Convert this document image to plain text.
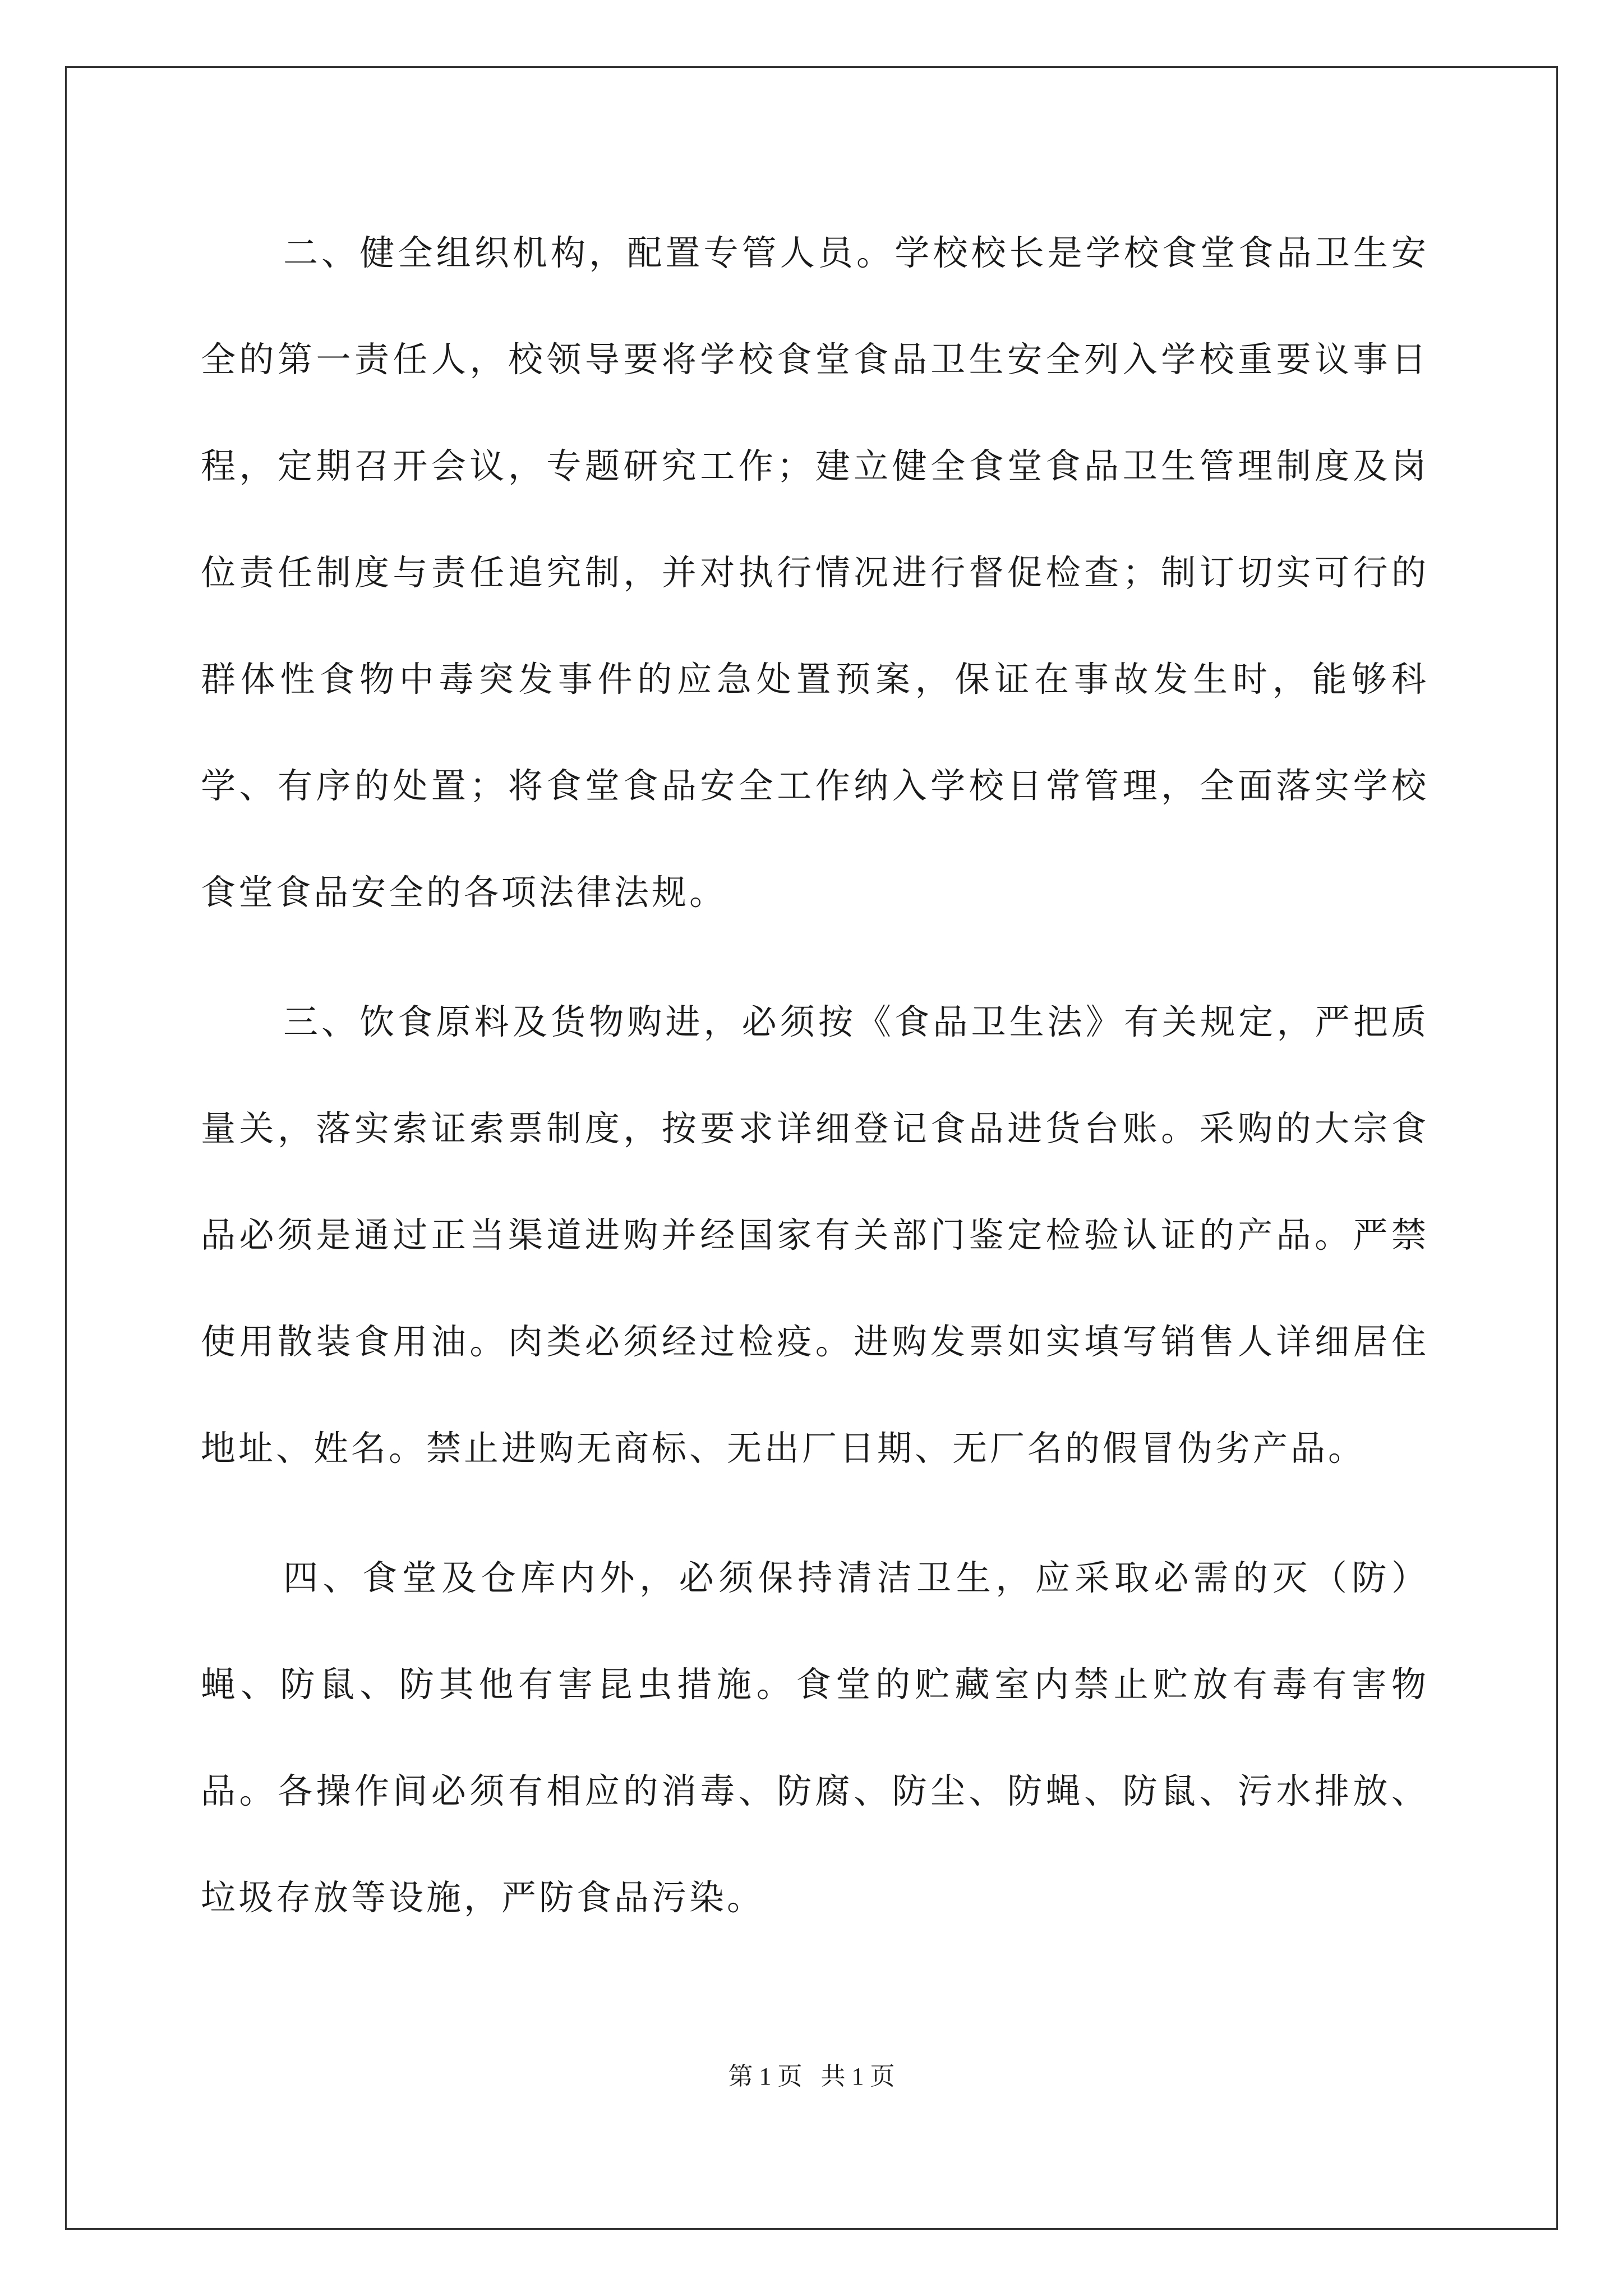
二、健全组织机构，配置专管人员。学校校长是学校食堂食品卫生安全的第一责任人，校领导要将学校食堂食品卫生安全列入学校重要议事日程，定期召开会议，专题研究工作；建立健全食堂食品卫生管理制度及岗位责任制度与责任追究制，并对执行情况进行督促检查；制订切实可行的群体性食物中毒突发事件的应急处置预案，保证在事故发生时，能够科学、有序的处置；将食堂食品安全工作纳入学校日常管理，全面落实学校食堂食品安全的各项法律法规。

三、饮食原料及货物购进，必须按《食品卫生法》有关规定，严把质量关，落实索证索票制度，按要求详细登记食品进货台账。采购的大宗食品必须是通过正当渠道进购并经国家有关部门鉴定检验认证的产品。严禁使用散装食用油。肉类必须经过检疫。进购发票如实填写销售人详细居住地址、姓名。禁止进购无商标、无出厂日期、无厂名的假冒伪劣产品。

四、食堂及仓库内外，必须保持清洁卫生，应采取必需的灭（防）蝇、防鼠、防其他有害昆虫措施。食堂的贮藏室内禁止贮放有毒有害物品。各操作间必须有相应的消毒、防腐、防尘、防蝇、防鼠、污水排放、垃圾存放等设施，严防食品污染。

第 1 页   共 1 页
